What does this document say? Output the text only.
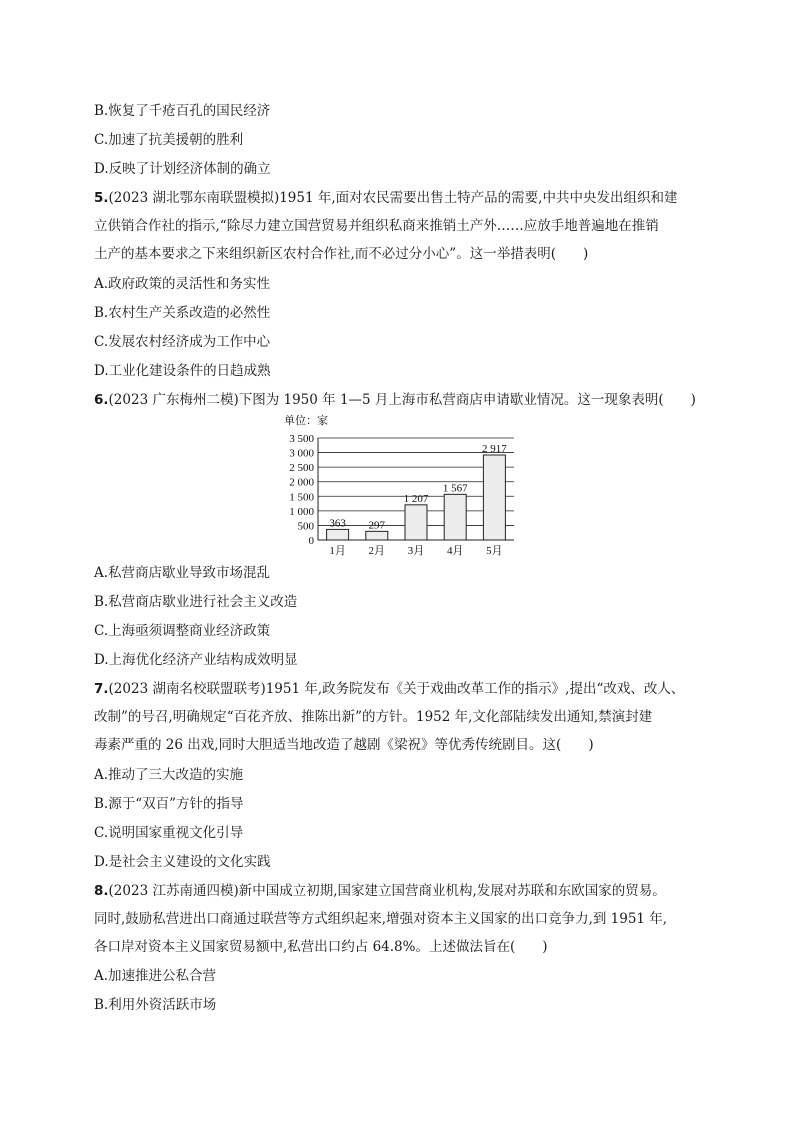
B.恢复了千疮百孔的国民经济
C.加速了抗美援朝的胜利
D.反映了计划经济体制的确立
5.(2023 湖北鄂东南联盟模拟)1951 年,面对农民需要出售土特产品的需要,中共中央发出组织和建
立供销合作社的指示,“除尽力建立国营贸易并组织私商来推销土产外……应放手地普遍地在推销
土产的基本要求之下来组织新区农村合作社,而不必过分小心”。这一举措表明(　　)
A.政府政策的灵活性和务实性
B.农村生产关系改造的必然性
C.发展农村经济成为工作中心
D.工业化建设条件的日趋成熟
6.(2023 广东梅州二模)下图为 1950 年 1—5 月上海市私营商店申请歇业情况。这一现象表明(　　)
单位：家
0
500
1 000
1 500
2 000
2 500
3 000
3 500
363
1月
297
2月
1 207
3月
1 567
4月
2 917
5月
A.私营商店歇业导致市场混乱
B.私营商店歇业进行社会主义改造
C.上海亟须调整商业经济政策
D.上海优化经济产业结构成效明显
7.(2023 湖南名校联盟联考)1951 年,政务院发布《关于戏曲改革工作的指示》,提出“改戏、改人、
改制”的号召,明确规定“百花齐放、推陈出新”的方针。1952 年,文化部陆续发出通知,禁演封建
毒素严重的 26 出戏,同时大胆适当地改造了越剧《梁祝》等优秀传统剧目。这(　　)
A.推动了三大改造的实施
B.源于“双百”方针的指导
C.说明国家重视文化引导
D.是社会主义建设的文化实践
8.(2023 江苏南通四模)新中国成立初期,国家建立国营商业机构,发展对苏联和东欧国家的贸易。
同时,鼓励私营进出口商通过联营等方式组织起来,增强对资本主义国家的出口竞争力,到 1951 年,
各口岸对资本主义国家贸易额中,私营出口约占 64.8%。上述做法旨在(　　)
A.加速推进公私合营
B.利用外资活跃市场
